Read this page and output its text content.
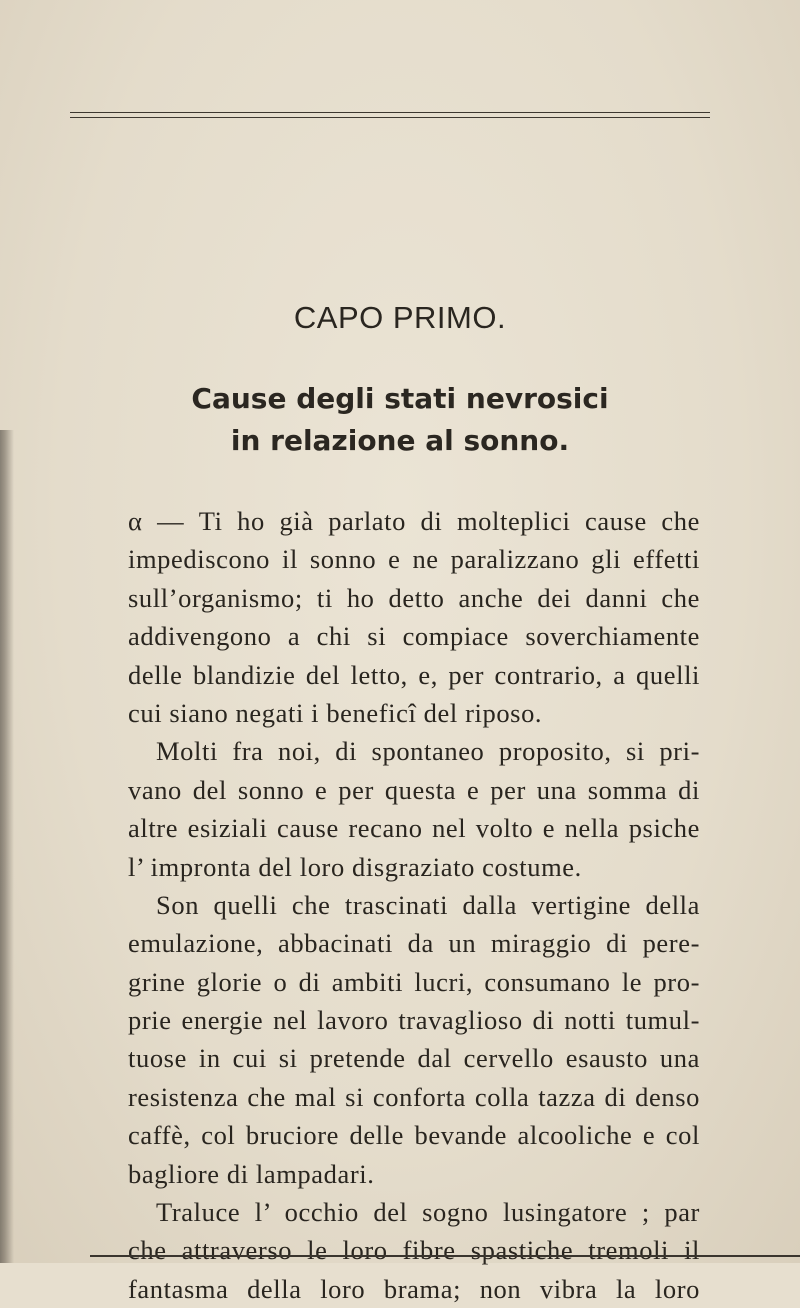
CAPO PRIMO.
Cause degli stati nevrosici
in relazione al sonno.
α — Ti ho già parlato di molteplici cause che
impediscono il sonno e ne paralizzano gli effetti
sull’organismo; ti ho detto anche dei danni che
addivengono a chi si compiace soverchiamente
delle blandizie del letto, e, per contrario, a quelli
cui siano negati i beneficî del riposo.
Molti fra noi, di spontaneo proposito, si pri-
vano del sonno e per questa e per una somma di
altre esiziali cause recano nel volto e nella psiche
l’ impronta del loro disgraziato costume.
Son quelli che trascinati dalla vertigine della
emulazione, abbacinati da un miraggio di pere-
grine glorie o di ambiti lucri, consumano le pro-
prie energie nel lavoro travaglioso di notti tumul-
tuose in cui si pretende dal cervello esausto una
resistenza che mal si conforta colla tazza di denso
caffè, col bruciore delle bevande alcooliche e col
bagliore di lampadari.
Traluce l’ occhio del sogno lusingatore ; par
che attraverso le loro fibre spastiche tremoli il
fantasma della loro brama; non vibra la loro
